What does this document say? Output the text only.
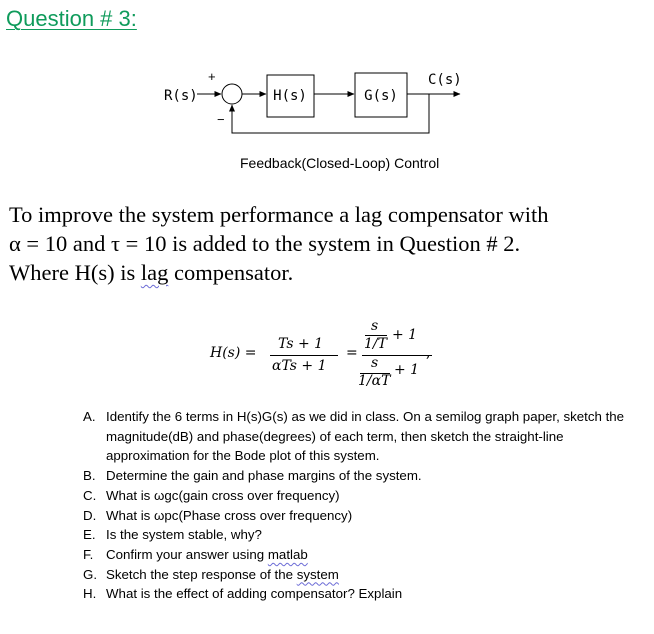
Question # 3:
R(s)
+
−
H(s)	G(s)
C(s)
Feedback(Closed-Loop) Control
To improve the system performance a lag compensator with
α = 10 and τ = 10 is added to the system in Question # 2.
Where H(s) is lag compensator.
H(s) =
Ts + 1
αTs + 1
=
s
1/T
+ 1
s
1/αT
+ 1
,
A. Identify the 6 terms in H(s)G(s) as we did in class. On a semilog graph paper, sketch the magnitude(dB) and phase(degrees) of each term, then sketch the straight-line approximation for the Bode plot of this system.
B. Determine the gain and phase margins of the system.
C. What is ωgc(gain cross over frequency)
D. What is ωpc(Phase cross over frequency)
E. Is the system stable, why?
F. Confirm your answer using matlab
G. Sketch the step response of the system
H. What is the effect of adding compensator? Explain
